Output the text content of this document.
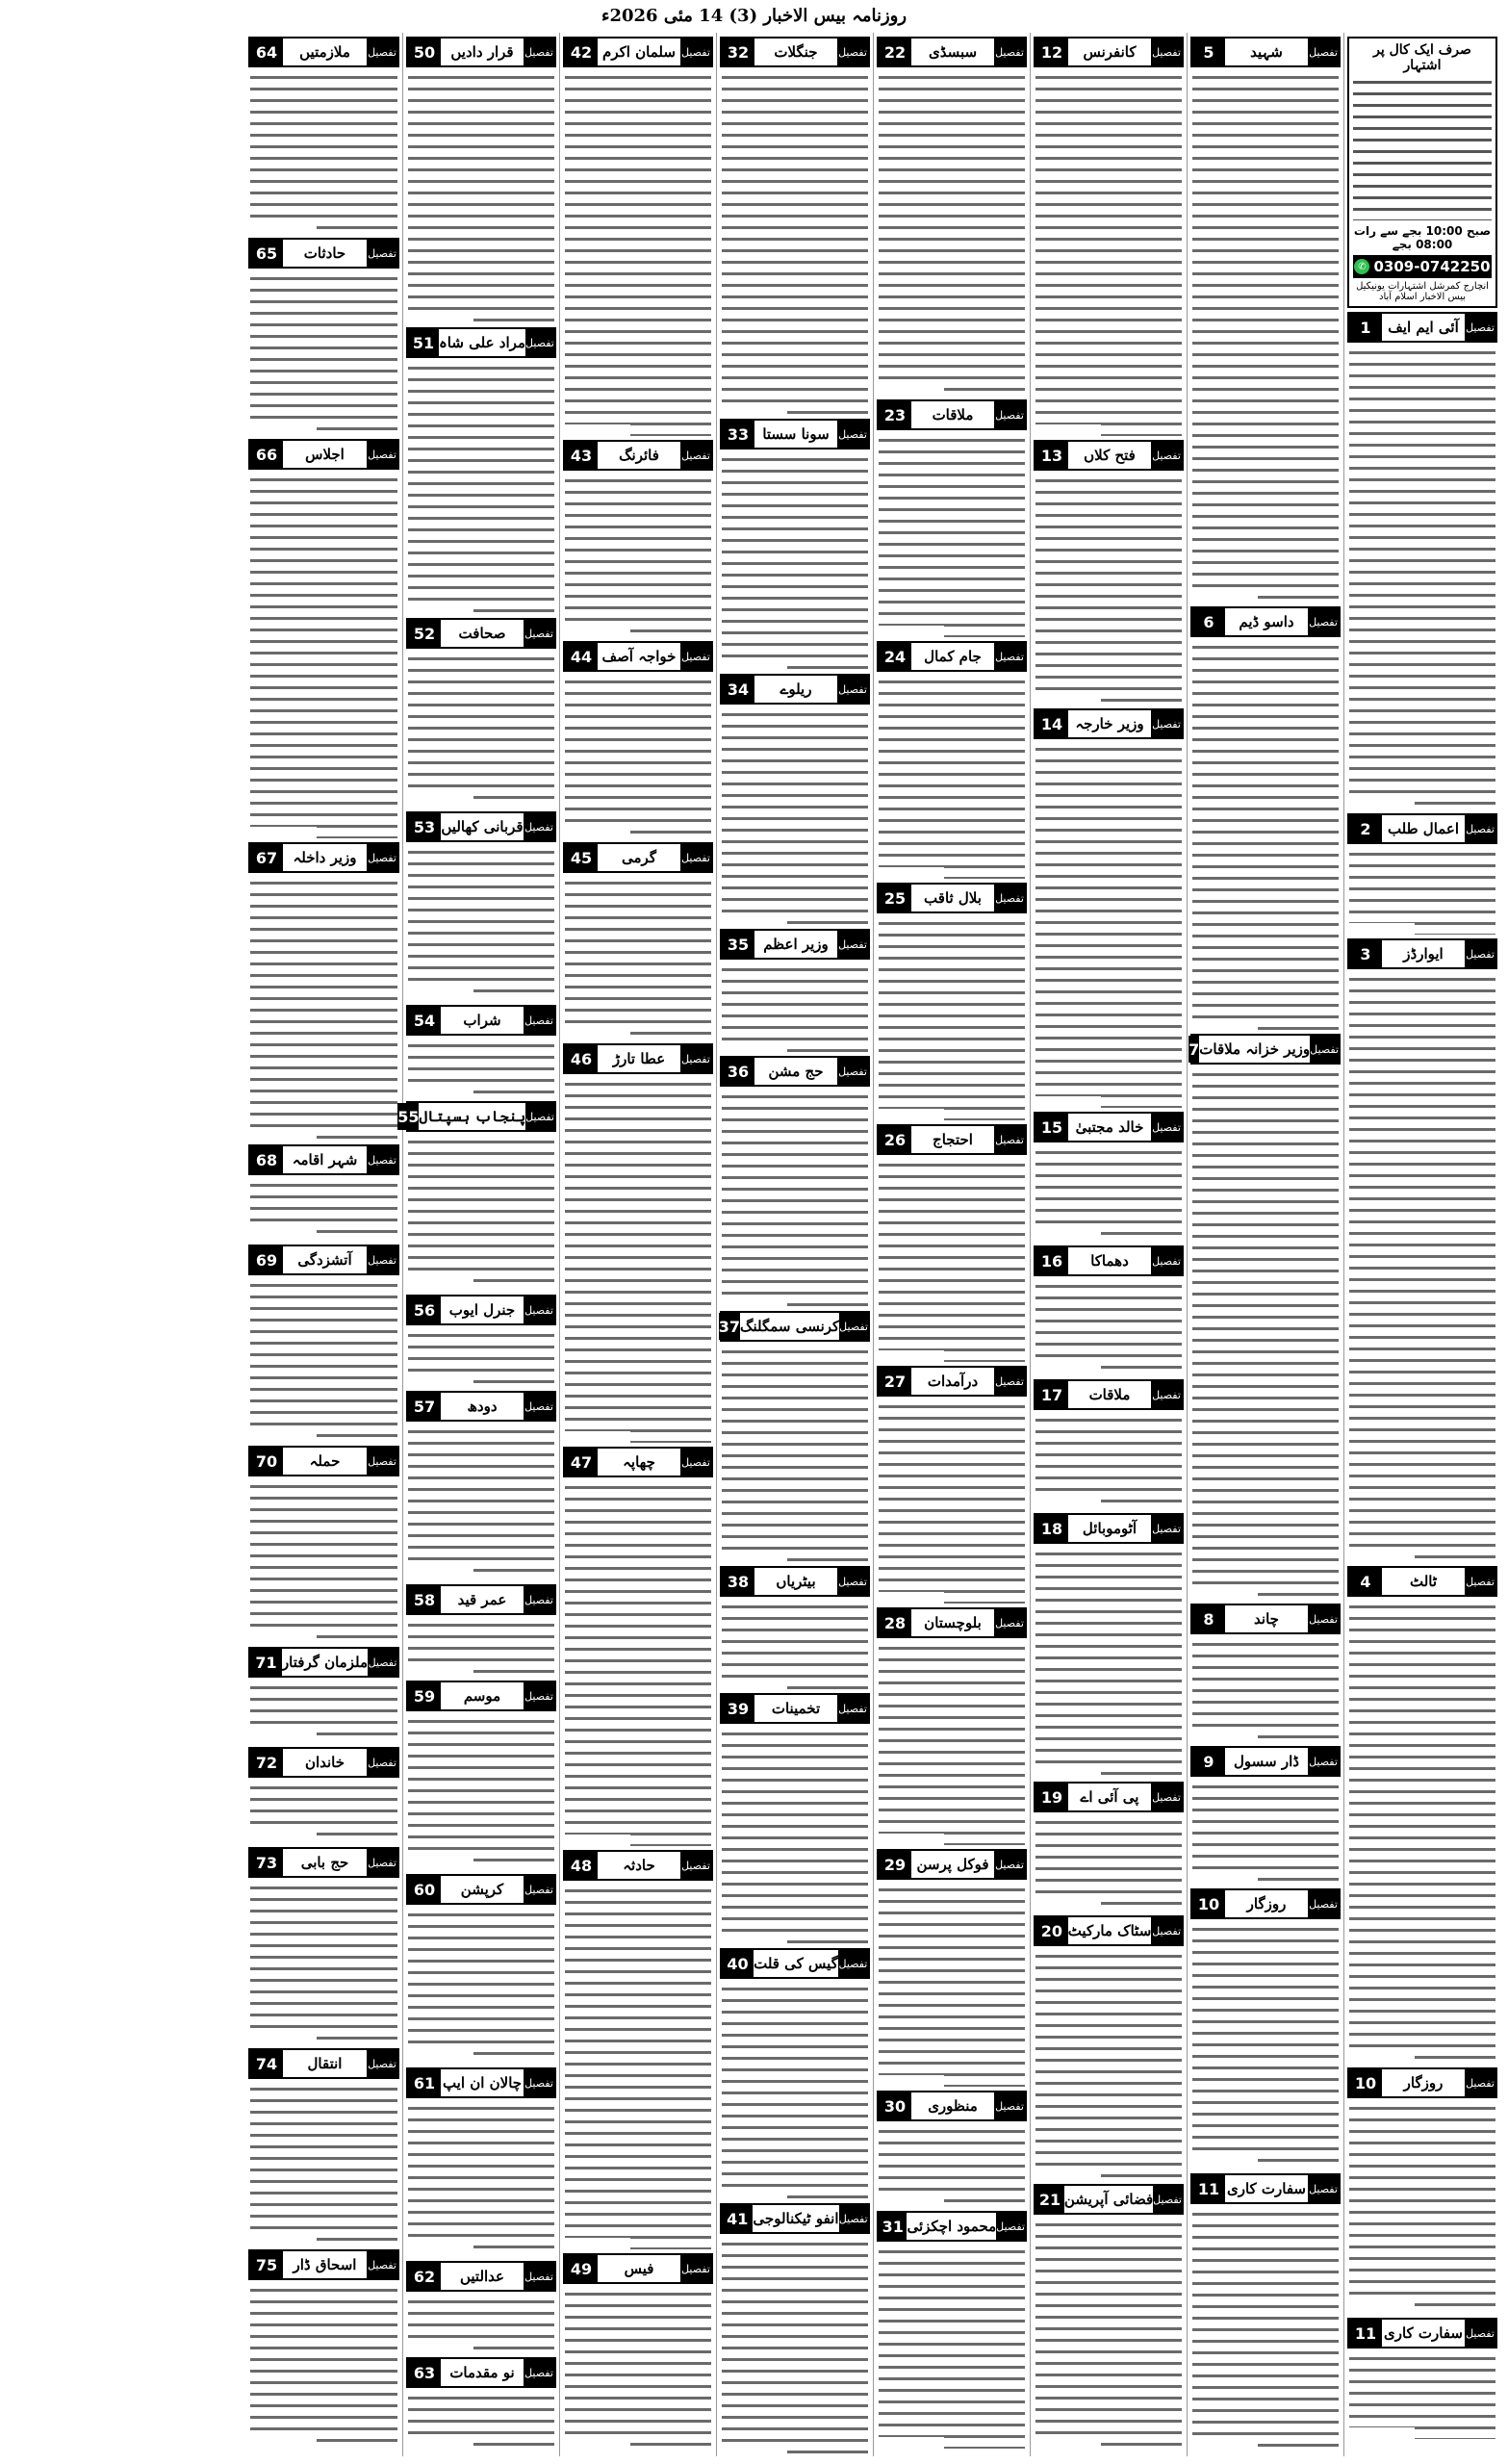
روزنامہ بیس الاخبار (3) 14 مئی 2026ء
صرف ایک کال پر اشتہار
صبح 10:00 بجے سے رات 08:00 بجے
✆ 0309-0742250
انچارج کمرشل اشتہارات یونیکیل بیس الاخبار اسلام آباد
تفصیل
آئی ایم ایف
1
تفصیل
اعمال طلب
2
تفصیل
ایوارڈز
3
تفصیل
ٹالٹ
4
تفصیل
روزگار
10
تفصیل
سفارت کاری
11
تفصیل
شہید
5
تفصیل
داسو ڈیم
6
تفصیل
وزیر خزانہ ملاقات
7
تفصیل
چاند
8
تفصیل
ڈار سسول
9
تفصیل
روزگار
10
تفصیل
سفارت کاری
11
تفصیل
کانفرنس
12
تفصیل
فتح کلاں
13
تفصیل
وزیر خارجہ
14
تفصیل
خالد مجتبیٰ
15
تفصیل
دھماکا
16
تفصیل
ملاقات
17
تفصیل
آٹوموبائل
18
تفصیل
پی آئی اے
19
تفصیل
سٹاک مارکیٹ
20
تفصیل
فضائی آپریشن
21
تفصیل
سبسڈی
22
تفصیل
ملاقات
23
تفصیل
جام کمال
24
تفصیل
بلال ثاقب
25
تفصیل
احتجاج
26
تفصیل
درآمدات
27
تفصیل
بلوچستان
28
تفصیل
فوکل پرسن
29
تفصیل
منظوری
30
تفصیل
محمود اچکزئی
31
تفصیل
جنگلات
32
تفصیل
سونا سستا
33
تفصیل
ریلوے
34
تفصیل
وزیر اعظم
35
تفصیل
حج مشن
36
تفصیل
کرنسی سمگلنگ
37
تفصیل
بیٹریاں
38
تفصیل
تخمینات
39
تفصیل
گیس کی قلت
40
تفصیل
انفو ٹیکنالوجی
41
تفصیل
سلمان اکرم
42
تفصیل
فائرنگ
43
تفصیل
خواجہ آصف
44
تفصیل
گرمی
45
تفصیل
عطا تارڑ
46
تفصیل
چھاپہ
47
تفصیل
حادثہ
48
تفصیل
فیس
49
تفصیل
قرار دادیں
50
تفصیل
مراد علی شاہ
51
تفصیل
صحافت
52
تفصیل
قربانی کھالیں
53
تفصیل
شراب
54
تفصیل
پنجاب ہسپتال
55
تفصیل
جنرل ایوب
56
تفصیل
دودھ
57
تفصیل
عمر قید
58
تفصیل
موسم
59
تفصیل
کرپشن
60
تفصیل
چالان ان ایپ
61
تفصیل
عدالتیں
62
تفصیل
نو مقدمات
63
تفصیل
ملازمتیں
64
تفصیل
حادثات
65
تفصیل
اجلاس
66
تفصیل
وزیر داخلہ
67
تفصیل
شہر اقامہ
68
تفصیل
آتشزدگی
69
تفصیل
حملہ
70
تفصیل
ملزمان گرفتار
71
تفصیل
خاندان
72
تفصیل
حج بابی
73
تفصیل
انتقال
74
تفصیل
اسحاق ڈار
75
